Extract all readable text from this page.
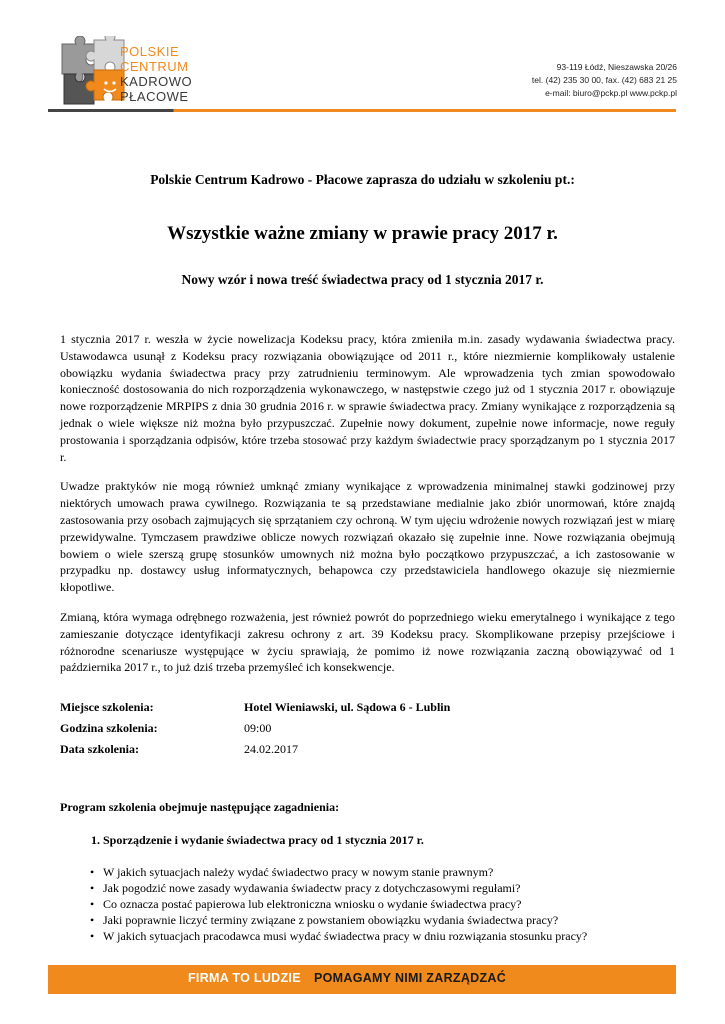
POLSKIE
CENTRUM
KADROWO
PŁACOWE
93-119 Łódź, Nieszawska 20/26
tel. (42) 235 30 00, fax. (42) 683 21 25
e-mail: biuro@pckp.pl www.pckp.pl
Polskie Centrum Kadrowo - Płacowe zaprasza do udziału w szkoleniu pt.:
Wszystkie ważne zmiany w prawie pracy 2017 r.
Nowy wzór i nowa treść świadectwa pracy od 1 stycznia 2017 r.

1 stycznia 2017 r. weszła w życie nowelizacja Kodeksu pracy, która zmieniła m.in. zasady wydawania świadectwa pracy. Ustawodawca usunął z Kodeksu pracy rozwiązania obowiązujące od 2011 r., które niezmiernie komplikowały ustalenie obowiązku wydania świadectwa pracy przy zatrudnieniu terminowym. Ale wprowadzenia tych zmian spowodowało konieczność dostosowania do nich rozporządzenia wykonawczego, w następstwie czego już od 1 stycznia 2017 r. obowiązuje nowe rozporządzenie MRPIPS z dnia 30 grudnia 2016 r. w sprawie świadectwa pracy. Zmiany wynikające z rozporządzenia są jednak o wiele większe niż można było przypuszczać. Zupełnie nowy dokument, zupełnie nowe informacje, nowe reguły prostowania i sporządzania odpisów, które trzeba stosować przy każdym świadectwie pracy sporządzanym po 1 stycznia 2017 r.

Uwadze praktyków nie mogą również umknąć zmiany wynikające z wprowadzenia minimalnej stawki godzinowej przy niektórych umowach prawa cywilnego. Rozwiązania te są przedstawiane medialnie jako zbiór unormowań, które znajdą zastosowania przy osobach zajmujących się sprzątaniem czy ochroną. W tym ujęciu wdrożenie nowych rozwiązań jest w miarę przewidywalne. Tymczasem prawdziwe oblicze nowych rozwiązań okazało się zupełnie inne. Nowe rozwiązania obejmują bowiem o wiele szerszą grupę stosunków umownych niż można było początkowo przypuszczać, a ich zastosowanie w przypadku np. dostawcy usług informatycznych, behapowca czy przedstawiciela handlowego okazuje się niezmiernie kłopotliwe.

Zmianą, która wymaga odrębnego rozważenia, jest również powrót do poprzedniego wieku emerytalnego i wynikające z tego zamieszanie dotyczące identyfikacji zakresu ochrony z art. 39 Kodeksu pracy. Skomplikowane przepisy przejściowe i różnorodne scenariusze występujące w życiu sprawiają, że pomimo iż nowe rozwiązania zaczną obowiązywać od 1 października 2017 r., to już dziś trzeba przemyśleć ich konsekwencje.

Miejsce szkolenia:	Hotel Wieniawski, ul. Sądowa 6 - Lublin
Godzina szkolenia:	09:00
Data szkolenia:	24.02.2017
Program szkolenia obejmuje następujące zagadnienia:
1. Sporządzenie i wydanie świadectwa pracy od 1 stycznia 2017 r.
• W jakich sytuacjach należy wydać świadectwo pracy w nowym stanie prawnym?
• Jak pogodzić nowe zasady wydawania świadectw pracy z dotychczasowymi regułami?
• Co oznacza postać papierowa lub elektroniczna wniosku o wydanie świadectwa pracy?
• Jaki poprawnie liczyć terminy związane z powstaniem obowiązku wydania świadectwa pracy?
• W jakich sytuacjach pracodawca musi wydać świadectwa pracy w dniu rozwiązania stosunku pracy?
FIRMA TO LUDZIE POMAGAMY NIMI ZARZĄDZAĆ
